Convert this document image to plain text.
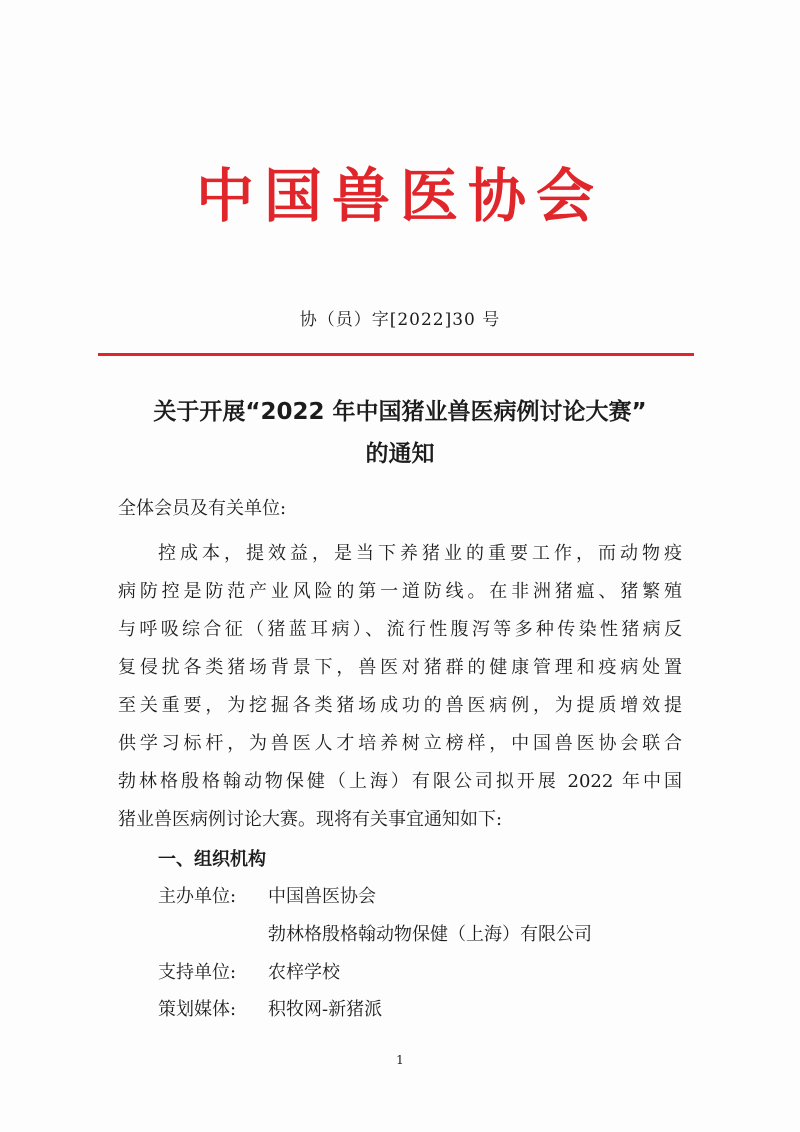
中国兽医协会
协（员）字[2022]30 号
关于开展“2022 年中国猪业兽医病例讨论大赛”
的通知
全体会员及有关单位:
控成本，提效益，是当下养猪业的重要工作，而动物疫
病防控是防范产业风险的第一道防线。在非洲猪瘟、猪繁殖
与呼吸综合征（猪蓝耳病）、流行性腹泻等多种传染性猪病反
复侵扰各类猪场背景下，兽医对猪群的健康管理和疫病处置
至关重要，为挖掘各类猪场成功的兽医病例，为提质增效提
供学习标杆，为兽医人才培养树立榜样，中国兽医协会联合
勃林格殷格翰动物保健（上海）有限公司拟开展 2022 年中国
猪业兽医病例讨论大赛。现将有关事宜通知如下:
一、组织机构
主办单位: 中国兽医协会
勃林格殷格翰动物保健（上海）有限公司
支持单位: 农梓学校
策划媒体: 积牧网-新猪派
1
